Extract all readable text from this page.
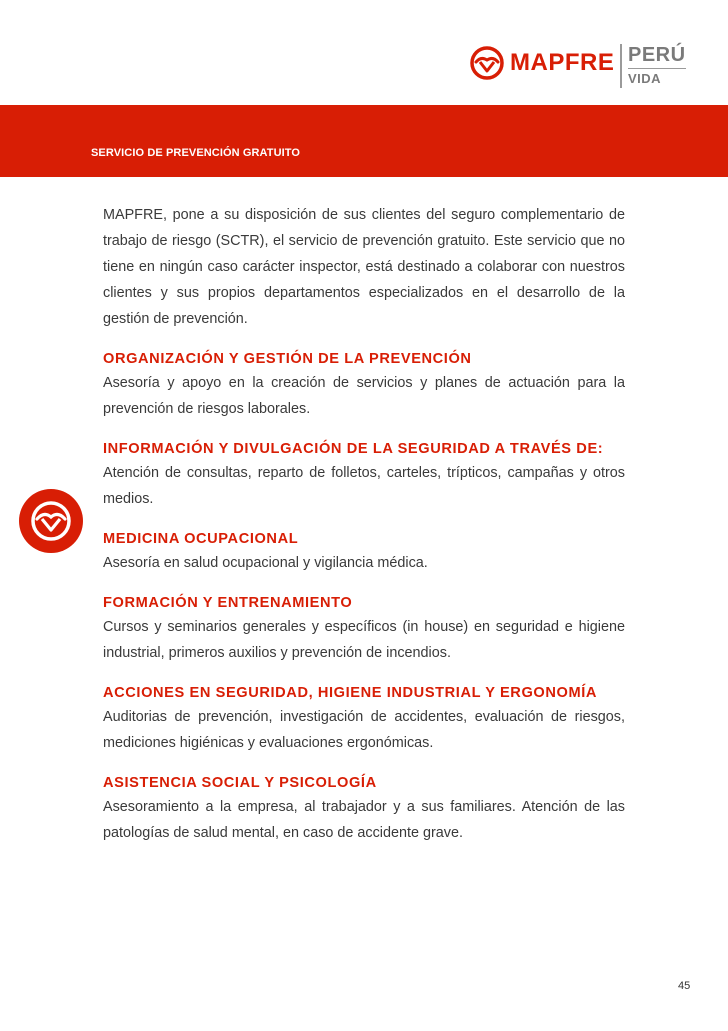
MAPFRE PERÚ
VIDA
SERVICIO DE PREVENCIÓN GRATUITO

MAPFRE, pone a su disposición de sus clientes del seguro complementario de trabajo de riesgo (SCTR), el servicio de prevención gratuito. Este servicio que no tiene en ningún caso carácter inspector, está destinado a colaborar con nuestros clientes y sus propios departamentos especializados en el desarrollo de la gestión de prevención.

ORGANIZACIÓN Y GESTIÓN DE LA PREVENCIÓN

Asesoría y apoyo en la creación de servicios y planes de actuación para la prevención de riesgos laborales.

INFORMACIÓN Y DIVULGACIÓN DE LA SEGURIDAD A TRAVÉS DE:

Atención de consultas, reparto de folletos, carteles, trípticos, campañas y otros medios.

MEDICINA OCUPACIONAL

Asesoría en salud ocupacional y vigilancia médica.

FORMACIÓN Y ENTRENAMIENTO

Cursos y seminarios generales y específicos (in house) en seguridad e higiene industrial, primeros auxilios y prevención de incendios.

ACCIONES EN SEGURIDAD, HIGIENE INDUSTRIAL Y ERGONOMÍA

Auditorias de prevención, investigación de accidentes, evaluación de riesgos, mediciones higiénicas y evaluaciones ergonómicas.

ASISTENCIA SOCIAL Y PSICOLOGÍA

Asesoramiento a la empresa, al trabajador y a sus familiares. Atención de las patologías de salud mental, en caso de accidente grave.

45
